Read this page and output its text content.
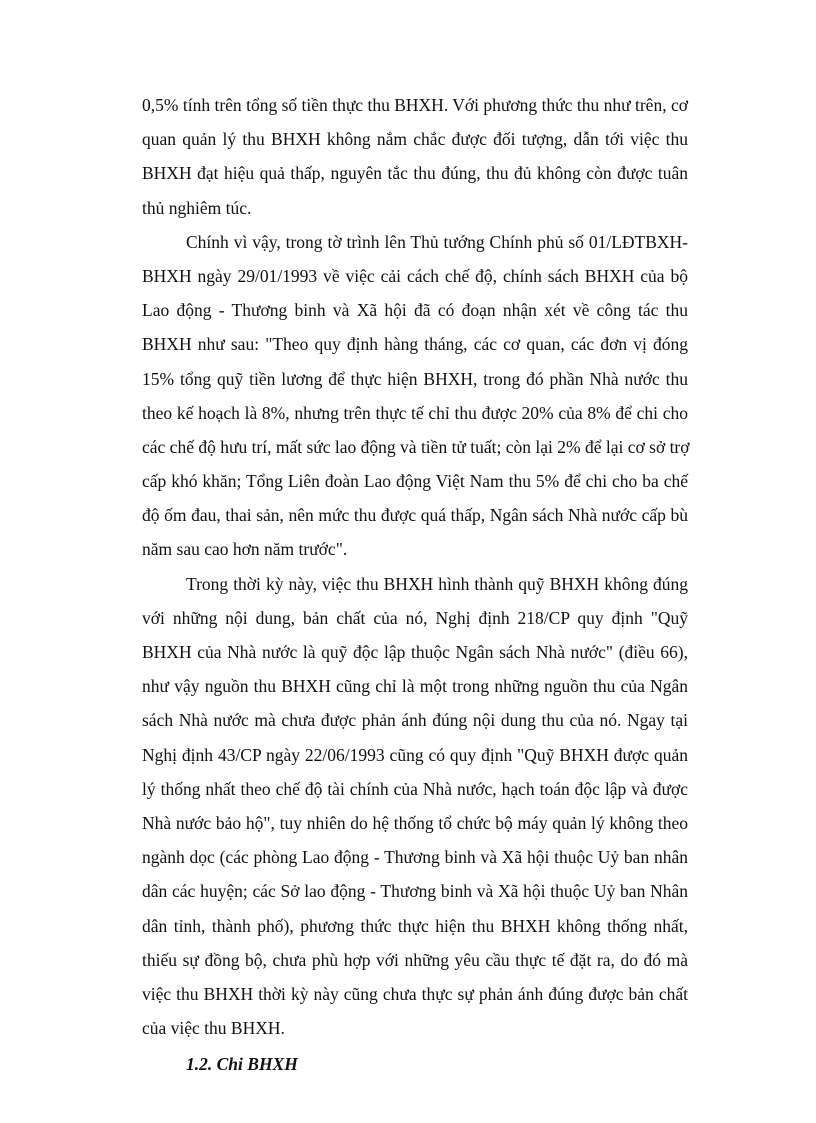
0,5% tính trên tổng số tiền thực thu BHXH. Với phương thức thu như trên, cơ
quan quản lý thu BHXH không nắm chắc được đối tượng, dẫn tới việc thu
BHXH đạt hiệu quả thấp, nguyên tắc thu đúng, thu đủ không còn được tuân
thủ nghiêm túc.
Chính vì vậy, trong tờ trình lên Thủ tướng Chính phủ số 01/LĐTBXH-
BHXH ngày 29/01/1993 về việc cải cách chế độ, chính sách BHXH của bộ
Lao động - Thương binh và Xã hội đã có đoạn nhận xét về công tác thu
BHXH như sau: "Theo quy định hàng tháng, các cơ quan, các đơn vị đóng
15% tổng quỹ tiền lương để thực hiện BHXH, trong đó phần Nhà nước thu
theo kế hoạch là 8%, nhưng trên thực tế chỉ thu được 20% của 8% để chi cho
các chế độ hưu trí, mất sức lao động và tiền tử tuất; còn lại 2% để lại cơ sở trợ
cấp khó khăn; Tổng Liên đoàn Lao động Việt Nam thu 5% để chi cho ba chế
độ ốm đau, thai sản, nên mức thu được quá thấp, Ngân sách Nhà nước cấp bù
năm sau cao hơn năm trước".
Trong thời kỳ này, việc thu BHXH hình thành quỹ BHXH không đúng
với những nội dung, bản chất của nó, Nghị định 218/CP quy định "Quỹ
BHXH của Nhà nước là quỹ độc lập thuộc Ngân sách Nhà nước" (điều 66),
như vậy nguồn thu BHXH cũng chỉ là một trong những nguồn thu của Ngân
sách Nhà nước mà chưa được phản ánh đúng nội dung thu của nó. Ngay tại
Nghị định 43/CP ngày 22/06/1993 cũng có quy định "Quỹ BHXH được quản
lý thống nhất theo chế độ tài chính của Nhà nước, hạch toán độc lập và được
Nhà nước bảo hộ", tuy nhiên do hệ thống tổ chức bộ máy quản lý không theo
ngành dọc (các phòng Lao động - Thương binh và Xã hội thuộc Uỷ ban nhân
dân các huyện; các Sở lao động - Thương binh và Xã hội thuộc Uỷ ban Nhân
dân tỉnh, thành phố), phương thức thực hiện thu BHXH không thống nhất,
thiếu sự đồng bộ, chưa phù hợp với những yêu cầu thực tế đặt ra, do đó mà
việc thu BHXH thời kỳ này cũng chưa thực sự phản ánh đúng được bản chất
của việc thu BHXH.
1.2. Chi BHXH
